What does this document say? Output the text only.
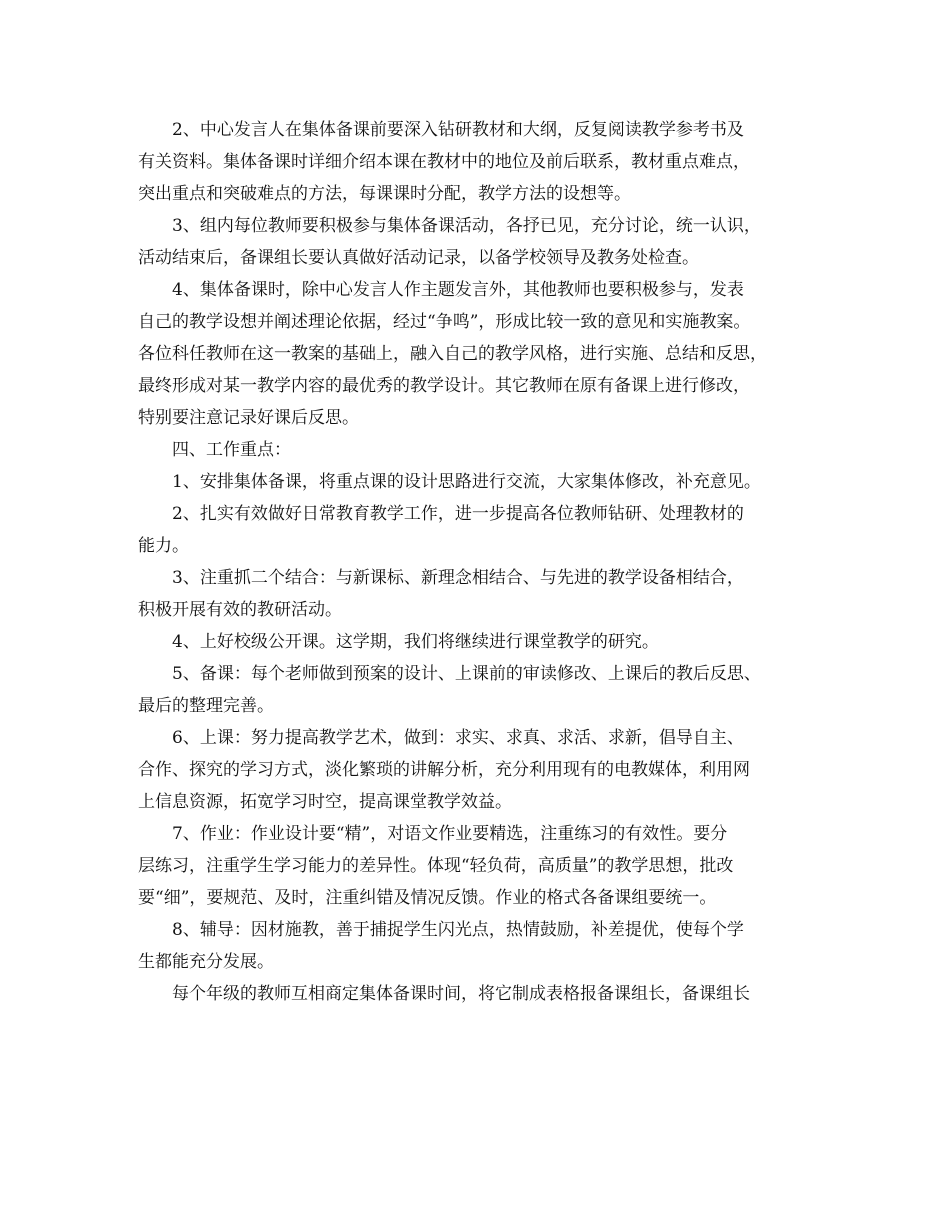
2、中心发言人在集体备课前要深入钻研教材和大纲，反复阅读教学参考书及
有关资料。集体备课时详细介绍本课在教材中的地位及前后联系，教材重点难点，
突出重点和突破难点的方法，每课课时分配，教学方法的设想等。
3、组内每位教师要积极参与集体备课活动，各抒已见，充分讨论，统一认识，
活动结束后，备课组长要认真做好活动记录，以备学校领导及教务处检查。
4、集体备课时，除中心发言人作主题发言外，其他教师也要积极参与，发表
自己的教学设想并阐述理论依据，经过“争鸣”，形成比较一致的意见和实施教案。
各位科任教师在这一教案的基础上，融入自己的教学风格，进行实施、总结和反思，
最终形成对某一教学内容的最优秀的教学设计。其它教师在原有备课上进行修改，
特别要注意记录好课后反思。
四、工作重点：
1、安排集体备课，将重点课的设计思路进行交流，大家集体修改，补充意见。
2、扎实有效做好日常教育教学工作，进一步提高各位教师钻研、处理教材的
能力。
3、注重抓二个结合：与新课标、新理念相结合、与先进的教学设备相结合，
积极开展有效的教研活动。
4、上好校级公开课。这学期，我们将继续进行课堂教学的研究。
5、备课：每个老师做到预案的设计、上课前的审读修改、上课后的教后反思、
最后的整理完善。
6、上课：努力提高教学艺术，做到：求实、求真、求活、求新，倡导自主、
合作、探究的学习方式，淡化繁琐的讲解分析，充分利用现有的电教媒体，利用网
上信息资源，拓宽学习时空，提高课堂教学效益。
7、作业：作业设计要“精”，对语文作业要精选，注重练习的有效性。要分
层练习，注重学生学习能力的差异性。体现“轻负荷，高质量”的教学思想，批改
要“细”，要规范、及时，注重纠错及情况反馈。作业的格式各备课组要统一。
8、辅导：因材施教，善于捕捉学生闪光点，热情鼓励，补差提优，使每个学
生都能充分发展。
每个年级的教师互相商定集体备课时间，将它制成表格报备课组长，备课组长
